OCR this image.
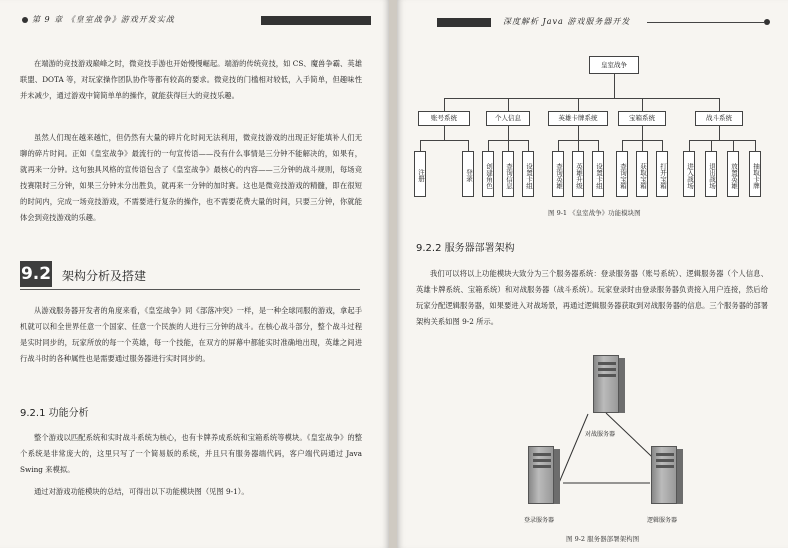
第 9 章 《皇室战争》游戏开发实战
在端游的竞技游戏巅峰之时，微竞技手游也开始慢慢崛起。端游的传统竞技，如 CS、魔兽争霸、英雄联盟、DOTA 等，对玩家操作团队协作等都有较高的要求。微竞技的门槛相对较低，入手简单，但趣味性并未减少，通过游戏中简简单单的操作，就能获得巨大的竞技乐趣。
虽然人们现在越来越忙，但仍然有大量的碎片化时间无法利用，微竞技游戏的出现正好能填补人们无聊的碎片时间。正如《皇室战争》最流行的一句宣传语——没有什么事情是三分钟不能解决的，如果有，就再来一分钟。这句独具风格的宣传语包含了《皇室战争》最核心的内容——三分钟的战斗规则，每场竞技赛限时三分钟，如果三分钟未分出胜负，就再来一分钟的加时赛。这也是微竞技游戏的精髓，即在很短的时间内，完成一场竞技游戏，不需要进行复杂的操作，也不需要花费大量的时间，只要三分钟，你就能体会到竞技游戏的乐趣。
9.2 架构分析及搭建
从游戏服务器开发者的角度来看，《皇室战争》同《部落冲突》一样，是一种全球同服的游戏，拿起手机就可以和全世界任意一个国家、任意一个民族的人进行三分钟的战斗。在核心战斗部分，整个战斗过程是实时同步的，玩家所放的每一个英雄，每一个技能，在双方的屏幕中都能实时准确地出现，英雄之间进行战斗时的各种属性也是需要通过服务器进行实时同步的。
9.2.1 功能分析
整个游戏以匹配系统和实时战斗系统为核心，也有卡牌养成系统和宝箱系统等模块。《皇室战争》的整个系统是非常庞大的，这里只写了一个简易版的系统，并且只有服务器端代码，客户端代码通过 Java Swing 来模拟。
通过对游戏功能模块的总结，可得出以下功能模块图（见图 9-1）。
深度解析 Java 游戏服务器开发
皇室战争
账号系统	个人信息	英雄卡牌系统	宝箱系统	战斗系统
注册	登录	创建角色	查询信息	设置卡组	查询英雄	英雄升级	设置卡组	查询宝箱	获取宝箱	打开宝箱	进入战场	退出战场	放置英雄	抽取卡牌
图 9-1 《皇室战争》功能模块图
9.2.2 服务器部署架构
我们可以将以上功能模块大致分为三个服务器系统：登录服务器（账号系统）、逻辑服务器（个人信息、英雄卡牌系统、宝箱系统）和对战服务器（战斗系统）。玩家登录时由登录服务器负责接入用户连接，然后给玩家分配逻辑服务器，如果要进入对战场景，再通过逻辑服务器获取到对战服务器的信息。三个服务器的部署架构关系如图 9-2 所示。
对战服务器
登录服务器	逻辑服务器
图 9-2 服务器部署架构图
